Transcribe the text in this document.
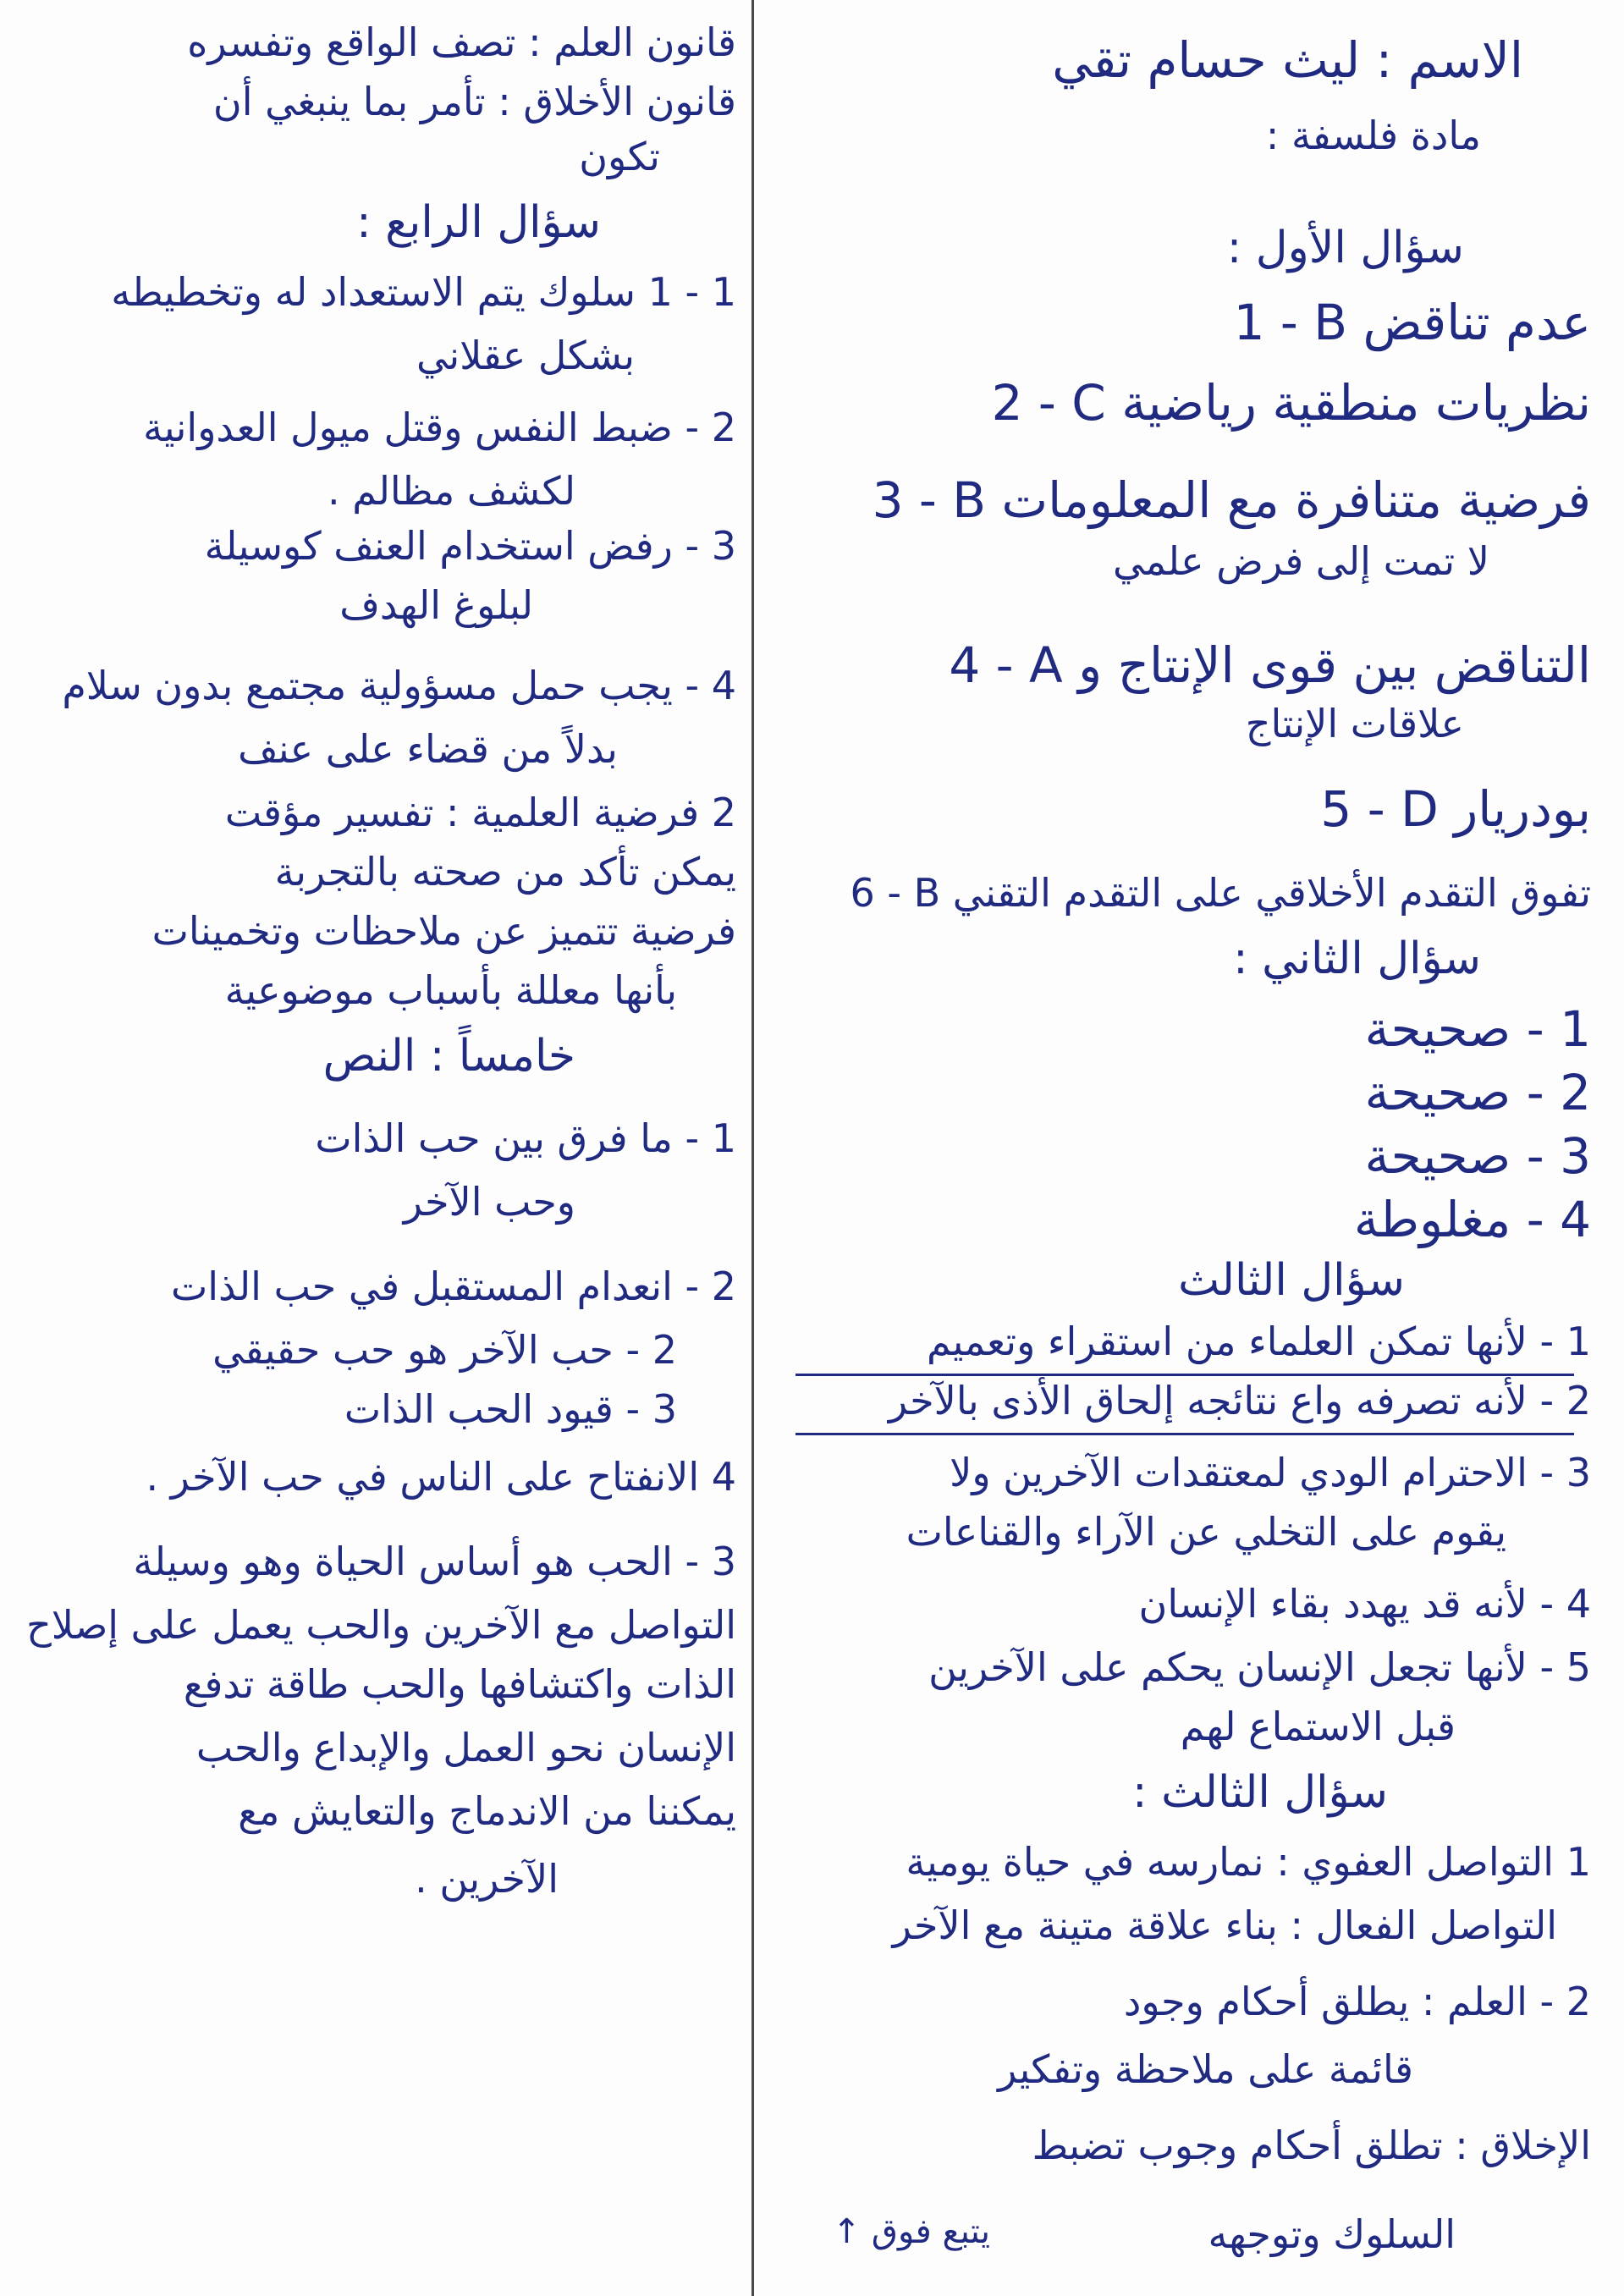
الاسم : ليث حسام تقي
مادة فلسفة :
سؤال الأول :
1 - B عدم تناقض
2 - C نظريات منطقية رياضية
3 - B فرضية متنافرة مع المعلومات
لا تمت إلى فرض علمي
4 - A التناقض بين قوى الإنتاج و
علاقات الإنتاج
5 - D بودريار
6 - B تفوق التقدم الأخلاقي على التقدم التقني
سؤال الثاني :
1 - صحيحة
2 - صحيحة
3 - صحيحة
4 - مغلوطة
سؤال الثالث
1 - لأنها تمكن العلماء من استقراء وتعميم
2 - لأنه تصرفه واع نتائجه إلحاق الأذى بالآخر
3 - الاحترام الودي لمعتقدات الآخرين ولا
يقوم على التخلي عن الآراء والقناعات
4 - لأنه قد يهدد بقاء الإنسان
5 - لأنها تجعل الإنسان يحكم على الآخرين
قبل الاستماع لهم
سؤال الثالث :
1 التواصل العفوي : نمارسه في حياة يومية
التواصل الفعال : بناء علاقة متينة مع الآخر
2 - العلم : يطلق أحكام وجود
قائمة على ملاحظة وتفكير
الإخلاق : تطلق أحكام وجوب تضبط
السلوك وتوجهه
يتبع فوق ↑
قانون العلم : تصف الواقع وتفسره
قانون الأخلاق : تأمر بما ينبغي أن
تكون
سؤال الرابع :
1 - 1 سلوك يتم الاستعداد له وتخطيطه
بشكل عقلاني
2 - ضبط النفس وقتل ميول العدوانية
لكشف مظالم .
3 - رفض استخدام العنف كوسيلة
لبلوغ الهدف
4 - يجب حمل مسؤولية مجتمع بدون سلام
بدلاً من قضاء على عنف
2 فرضية العلمية : تفسير مؤقت
يمكن تأكد من صحته بالتجربة
فرضية تتميز عن ملاحظات وتخمينات
بأنها معللة بأسباب موضوعية
خامساً : النص
1 - ما فرق بين حب الذات
وحب الآخر
2 - انعدام المستقبل في حب الذات
2 - حب الآخر هو حب حقيقي
3 - قيود الحب الذات
4 الانفتاح على الناس في حب الآخر .
3 - الحب هو أساس الحياة وهو وسيلة
التواصل مع الآخرين والحب يعمل على إصلاح
الذات واكتشافها والحب طاقة تدفع
الإنسان نحو العمل والإبداع والحب
يمكننا من الاندماج والتعايش مع
الآخرين .
